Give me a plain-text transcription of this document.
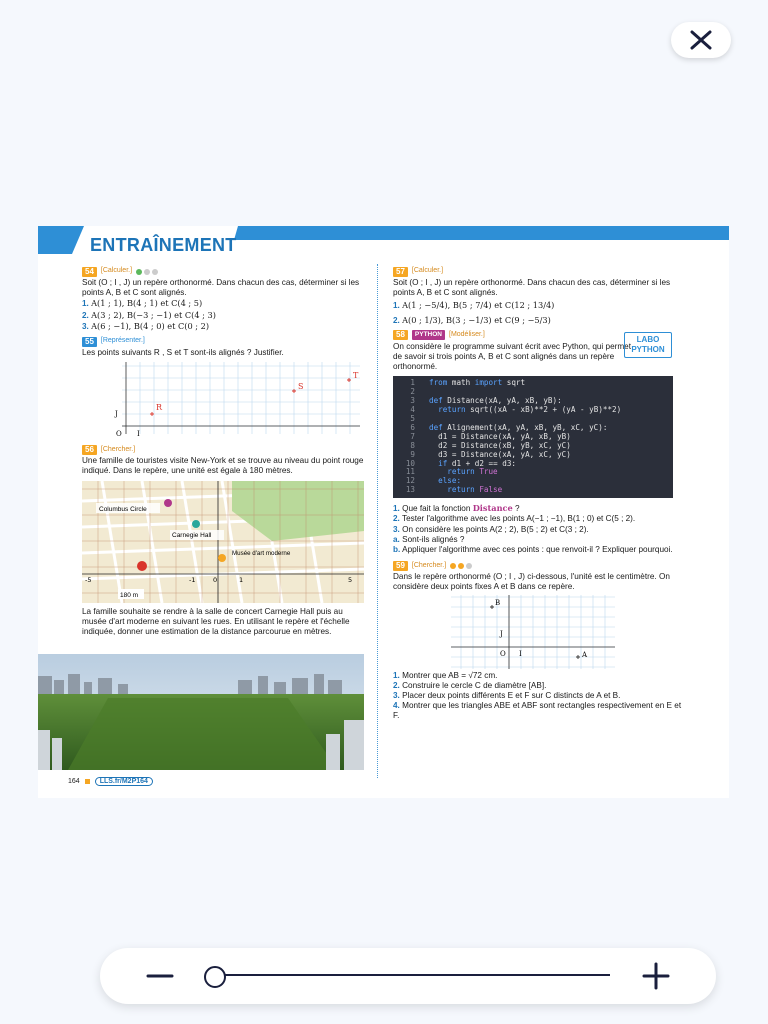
ENTRAÎNEMENT
54	[Calculer.]

Soit (O ; I , J) un repère orthonormé. Dans chacun des cas, déterminer si les points A, B et C sont alignés.

1. A(1 ; 1), B(4 ; 1) et C(4 ; 5)
2. A(3 ; 2), B(−3 ; −1) et C(4 ; 3)
3. A(6 ; −1), B(4 ; 0) et C(0 ; 2)
55	[Représenter.]

Les points suivants R , S et T sont-ils alignés ? Justifier.

R
S
T
J
O I
56	[Chercher.]

Une famille de touristes visite New-York et se trouve au niveau du point rouge indiqué. Dans le repère, une unité est égale à 180 mètres.

Columbus Circle
Carnegie Hall
Musée d'art moderne
180 m
-5	-1	0	1	5

La famille souhaite se rendre à la salle de concert Carnegie Hall puis au musée d'art moderne en suivant les rues. En utilisant le repère et l'échelle indiquée, donner une estimation de la distance parcourue en mètres.

164	LLS.fr/M2P164
57	[Calculer.]

Soit (O ; I , J) un repère orthonormé. Dans chacun des cas, déterminer si les points A, B et C sont alignés.

1. A(1 ; −5/4), B(5 ; 7/4) et C(12 ; 13/4)
2. A(0 ; 1/3), B(3 ; −1/3) et C(9 ; −5/3)
58	PYTHON	[Modéliser.]

On considère le programme suivant écrit avec Python, qui permet de savoir si trois points A, B et C sont alignés dans un repère orthonormé.

1	from math import sqrt
2
3	def Distance(xA, yA, xB, yB):
4	return sqrt((xA - xB)**2 + (yA - yB)**2)
5
6	def Alignement(xA, yA, xB, yB, xC, yC):
7	d1 = Distance(xA, yA, xB, yB)
8	d2 = Distance(xB, yB, xC, yC)
9	d3 = Distance(xA, yA, xC, yC)
10	if d1 + d2 == d3:
11	return True
12	else:
13	return False
1. Que fait la fonction Distance ?
2. Tester l'algorithme avec les points A(−1 ; −1), B(1 ; 0) et C(5 ; 2).
3. On considère les points A(2 ; 2), B(5 ; 2) et C(3 ; 2).
a. Sont-ils alignés ?
b. Appliquer l'algorithme avec ces points : que renvoit-il ? Expliquer pourquoi.
59	[Chercher.]

Dans le repère orthonormé (O ; I , J) ci-dessous, l'unité est le centimètre. On considère deux points fixes A et B dans ce repère.

B
J
O I	A
1. Montrer que AB = √72 cm.
2. Construire le cercle C de diamètre [AB].
3. Placer deux points différents E et F sur C distincts de A et B.
4. Montrer que les triangles ABE et ABF sont rectangles respectivement en E et F.
LABO PYTHON
